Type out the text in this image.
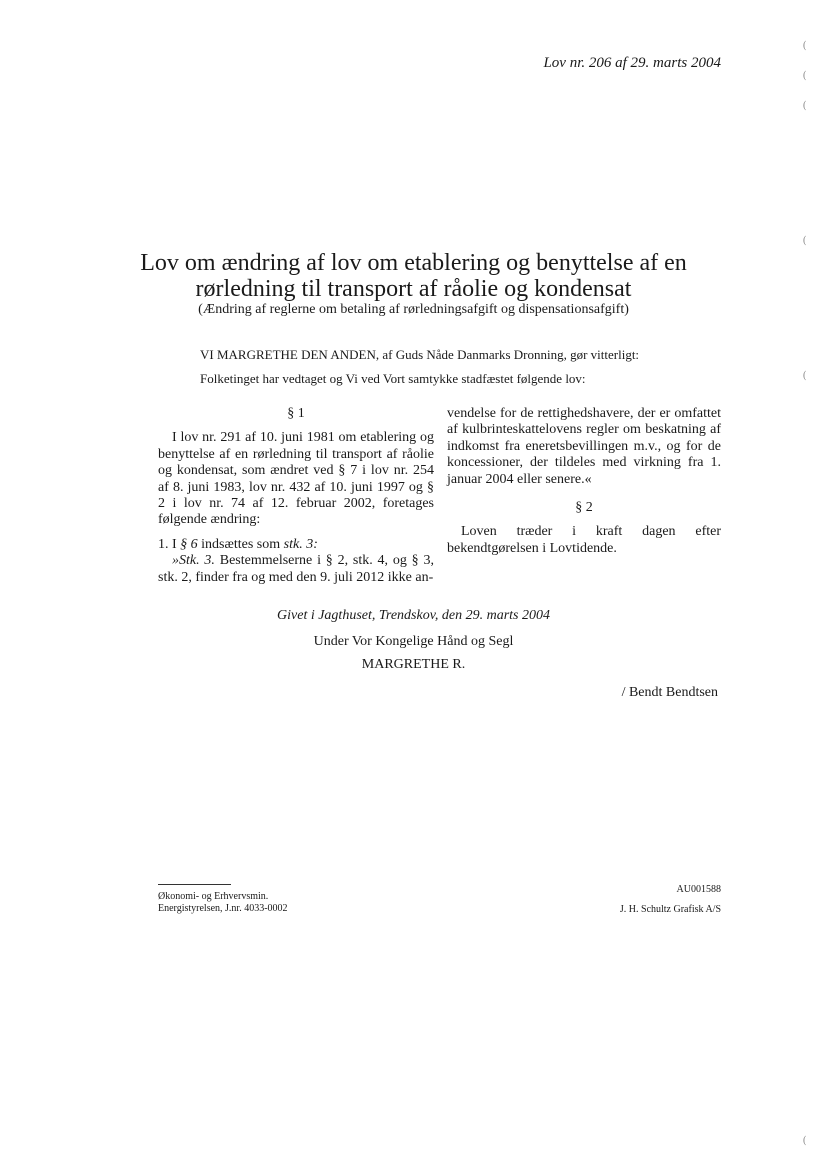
(
(
(
(
(
(
Lov nr. 206 af 29. marts 2004
Lov om ændring af lov om etablering og benyttelse af en
rørledning til transport af råolie og kondensat
(Ændring af reglerne om betaling af rørledningsafgift og dispensationsafgift)
VI MARGRETHE DEN ANDEN, af Guds Nåde Danmarks Dronning, gør vitterligt:
Folketinget har vedtaget og Vi ved Vort samtykke stadfæstet følgende lov:
§ 1

I lov nr. 291 af 10. juni 1981 om etablering og benyttelse af en rørledning til transport af råolie og kondensat, som ændret ved § 7 i lov nr. 254 af 8. juni 1983, lov nr. 432 af 10. juni 1997 og § 2 i lov nr. 74 af 12. februar 2002, foretages følgende ændring:

1. I § 6 indsættes som stk. 3:

»Stk. 3. Bestemmelserne i § 2, stk. 4, og § 3, stk. 2, finder fra og med den 9. juli 2012 ikke an-

vendelse for de rettighedshavere, der er omfattet af kulbrinteskattelovens regler om beskatning af indkomst fra eneretsbevillingen m.v., og for de koncessioner, der tildeles med virkning fra 1. januar 2004 eller senere.«

§ 2

Loven træder i kraft dagen efter bekendtgørelsen i Lovtidende.

Givet i Jagthuset, Trendskov, den 29. marts 2004
Under Vor Kongelige Hånd og Segl
MARGRETHE R.
/ Bendt Bendtsen
Økonomi- og Erhvervsmin.
Energistyrelsen, J.nr. 4033-0002
AU001588
J. H. Schultz Grafisk A/S
